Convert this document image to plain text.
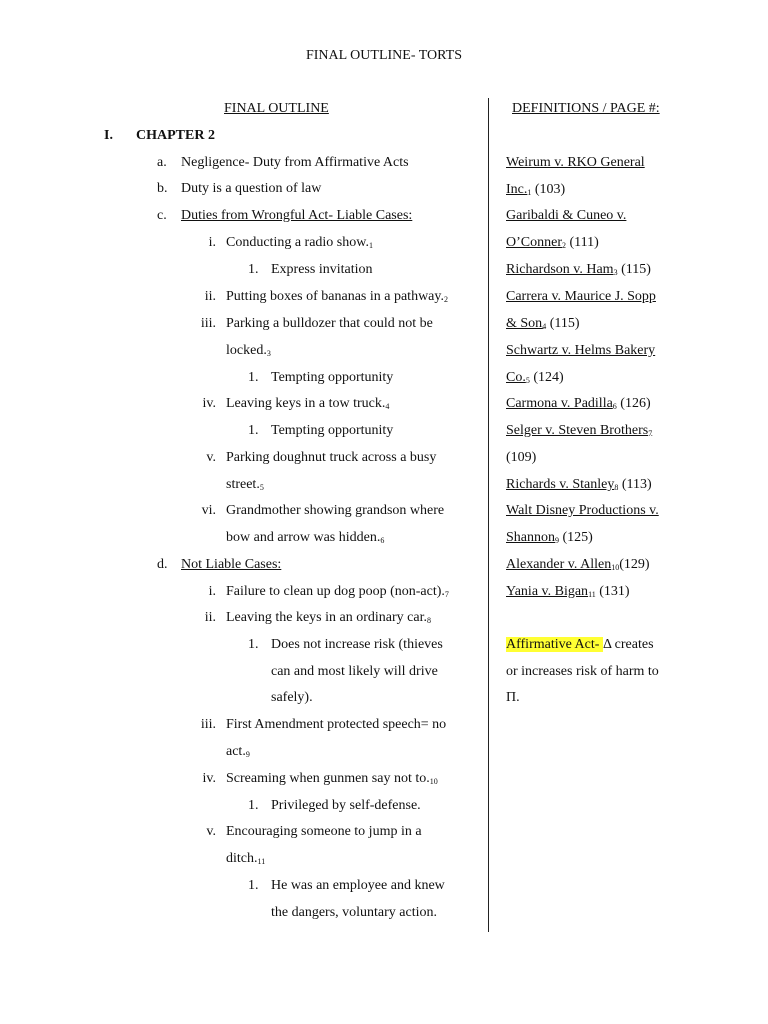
FINAL OUTLINE- TORTS
FINAL OUTLINE	DEFINITIONS / PAGE #:
I. CHAPTER 2
a. Negligence- Duty from Affirmative Acts
b. Duty is a question of law
c. Duties from Wrongful Act- Liable Cases:
i. Conducting a radio $show._1$
1. Express invitation
ii. Putting boxes of bananas in a $pathway._2$
iii. Parking a bulldozer that could not be
$locked._3$
1. Tempting opportunity
iv. Leaving keys in a tow $truck._4$
1. Tempting opportunity
v. Parking doughnut truck across a busy
$street._5$
vi. Grandmother showing grandson where
bow and arrow was $hidden._6$
d. Not Liable Cases:
i. Failure to clean up dog poop $(non-act)._7$
ii. Leaving the keys in an ordinary $car._8$
1. Does not increase risk (thieves
can and most likely will drive
safely).
iii. First Amendment protected speech= no
$act._9$
iv. Screaming when gunmen say not $to._{10}$
1. Privileged by self-defense.
v. Encouraging someone to jump in a
$ditch._{11}$
1. He was an employee and knew
the dangers, voluntary action.
Weirum v. RKO General
$Inc._1$ (103)
Garibaldi & Cuneo v.
O’Conner$_2$ (111)
Richardson v. Ham$_3$ (115)
Carrera v. Maurice J. Sopp
& Son$_4$ (115)
Schwartz v. Helms Bakery
$Co._5$ (124)
Carmona v. Padilla$_6$ (126)
Selger v. Steven Brothers$_7$
(109)
Richards v. Stanley$_8$ (113)
Walt Disney Productions v.
Shannon$_9$ (125)
Alexander v. Allen$_{10}$(129)
Yania v. Bigan$_{11}$ (131)
Affirmative Act- Δ creates
or increases risk of harm to
Π.
